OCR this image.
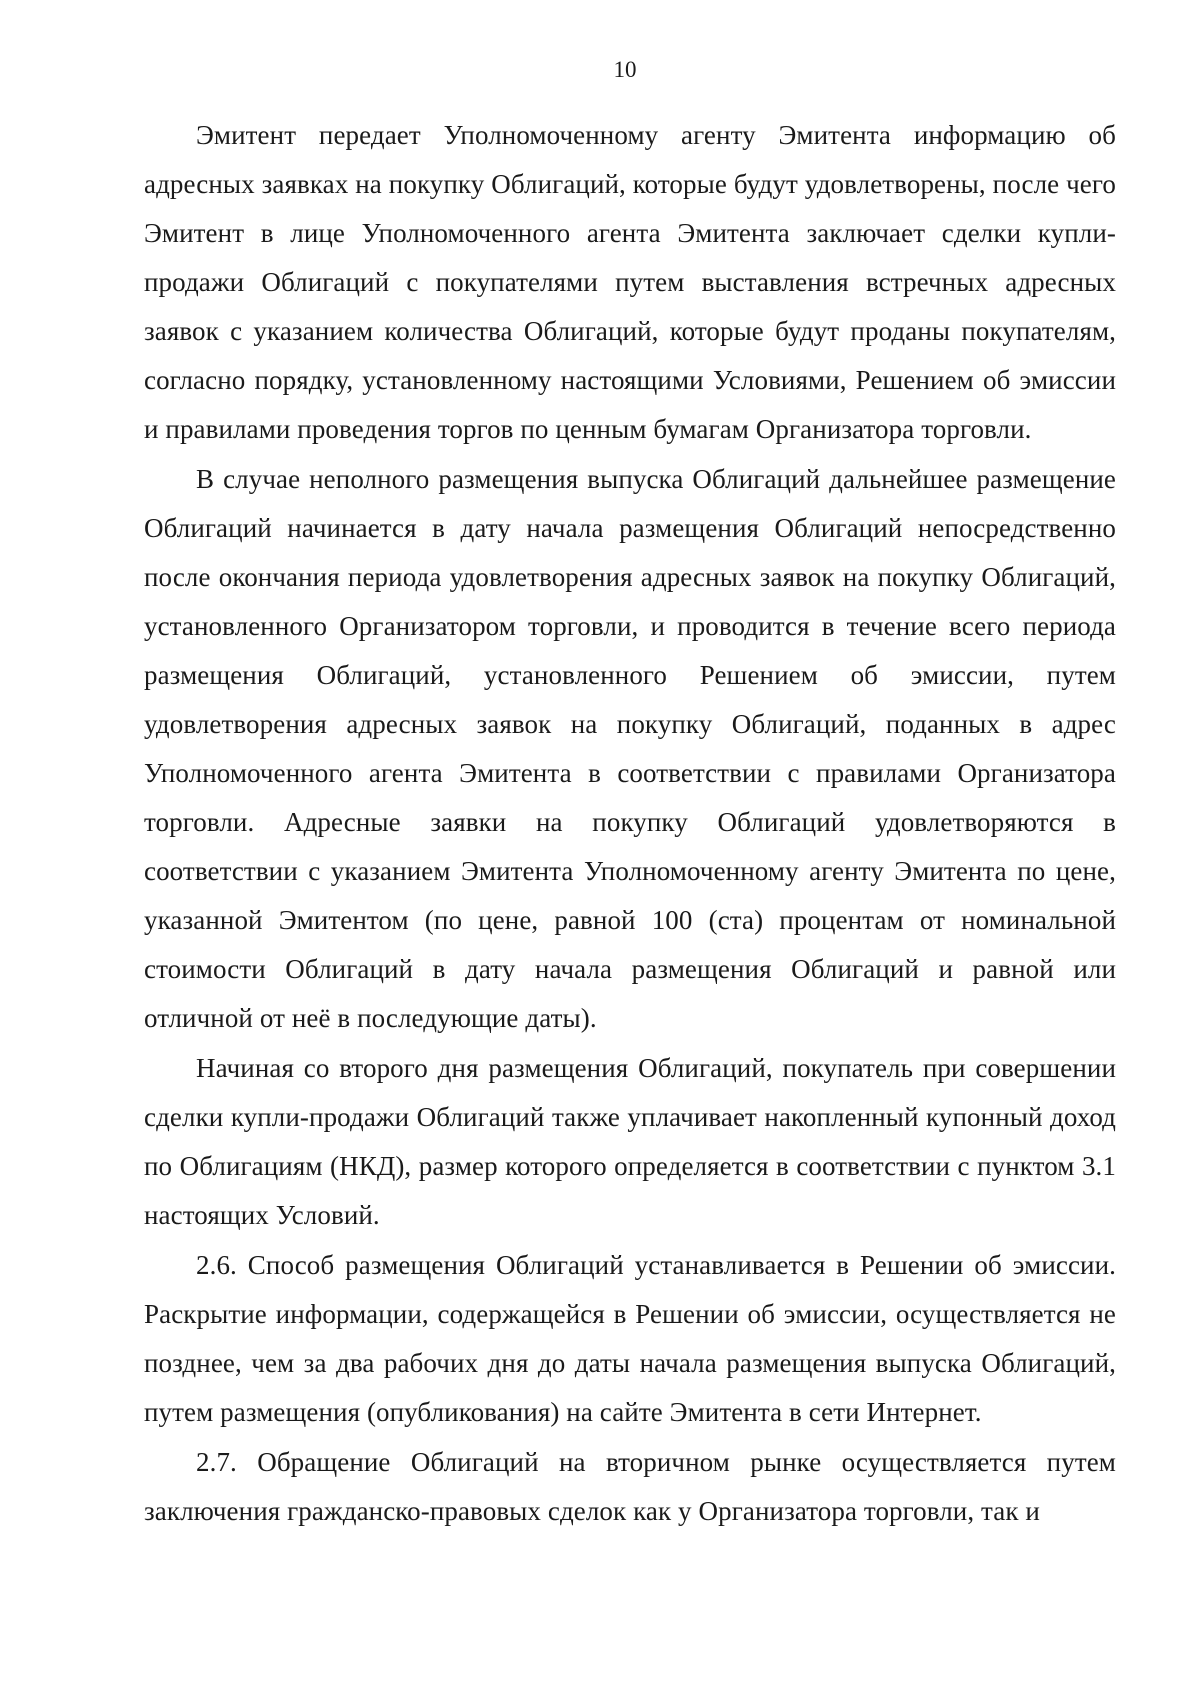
10

Эмитент передает Уполномоченному агенту Эмитента информацию об адресных заявках на покупку Облигаций, которые будут удовлетворены, после чего Эмитент в лице Уполномоченного агента Эмитента заключает сделки купли-продажи Облигаций с покупателями путем выставления встречных адресных заявок с указанием количества Облигаций, которые будут проданы покупателям, согласно порядку, установленному настоящими Условиями, Решением об эмиссии и правилами проведения торгов по ценным бумагам Организатора торговли.

В случае неполного размещения выпуска Облигаций дальнейшее размещение Облигаций начинается в дату начала размещения Облигаций непосредственно после окончания периода удовлетворения адресных заявок на покупку Облигаций, установленного Организатором торговли, и проводится в течение всего периода размещения Облигаций, установленного Решением об эмиссии, путем удовлетворения адресных заявок на покупку Облигаций, поданных в адрес Уполномоченного агента Эмитента в соответствии с правилами Организатора торговли. Адресные заявки на покупку Облигаций удовлетворяются в соответствии с указанием Эмитента Уполномоченному агенту Эмитента по цене, указанной Эмитентом (по цене, равной 100 (ста) процентам от номинальной стоимости Облигаций в дату начала размещения Облигаций и равной или отличной от неё в последующие даты).

Начиная со второго дня размещения Облигаций, покупатель при совершении сделки купли-продажи Облигаций также уплачивает накопленный купонный доход по Облигациям (НКД), размер которого определяется в соответствии с пунктом 3.1 настоящих Условий.

2.6. Способ размещения Облигаций устанавливается в Решении об эмиссии. Раскрытие информации, содержащейся в Решении об эмиссии, осуществляется не позднее, чем за два рабочих дня до даты начала размещения выпуска Облигаций, путем размещения (опубликования) на сайте Эмитента в сети Интернет.

2.7. Обращение Облигаций на вторичном рынке осуществляется путем заключения гражданско-правовых сделок как у Организатора торговли, так и
